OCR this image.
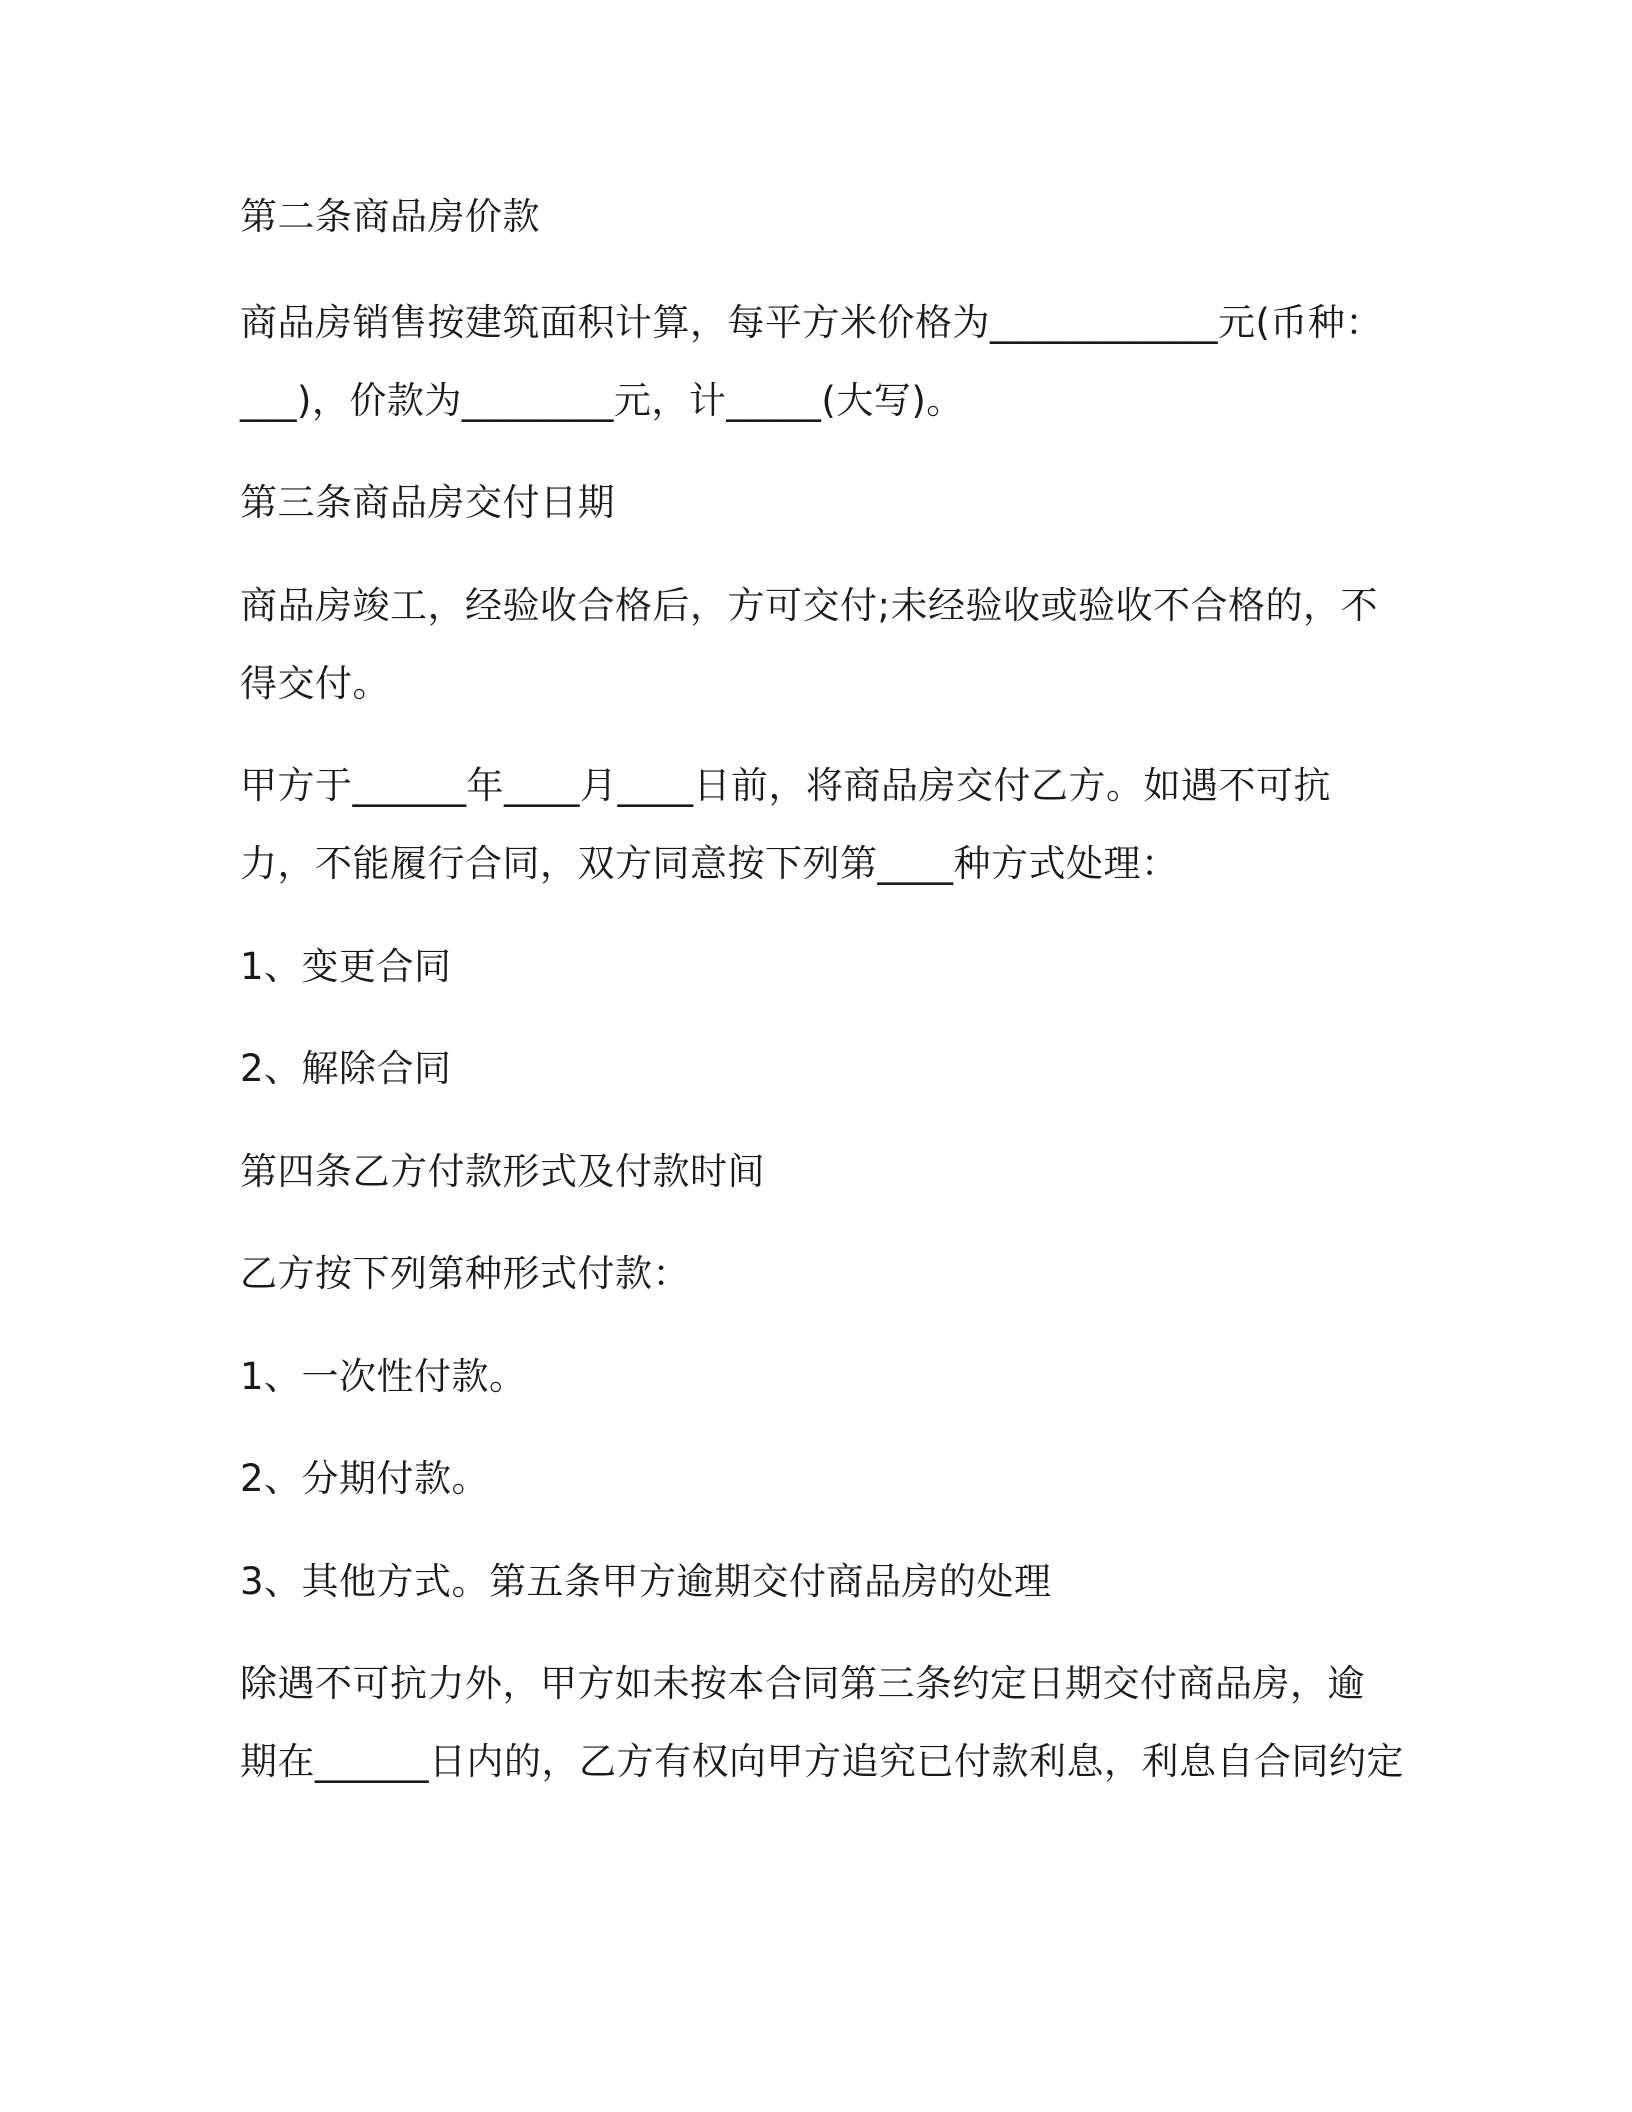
第二条商品房价款

商品房销售按建筑面积计算，每平方米价格为____________元(币种：
___)，价款为________元，计_____(大写)。

第三条商品房交付日期

商品房竣工，经验收合格后，方可交付;未经验收或验收不合格的，不
得交付。

甲方于______年____月____日前，将商品房交付乙方。如遇不可抗
力，不能履行合同，双方同意按下列第____种方式处理：

1、变更合同

2、解除合同

第四条乙方付款形式及付款时间

乙方按下列第种形式付款：

1、一次性付款。

2、分期付款。

3、其他方式。第五条甲方逾期交付商品房的处理

除遇不可抗力外，甲方如未按本合同第三条约定日期交付商品房，逾
期在______日内的，乙方有权向甲方追究已付款利息，利息自合同约定
